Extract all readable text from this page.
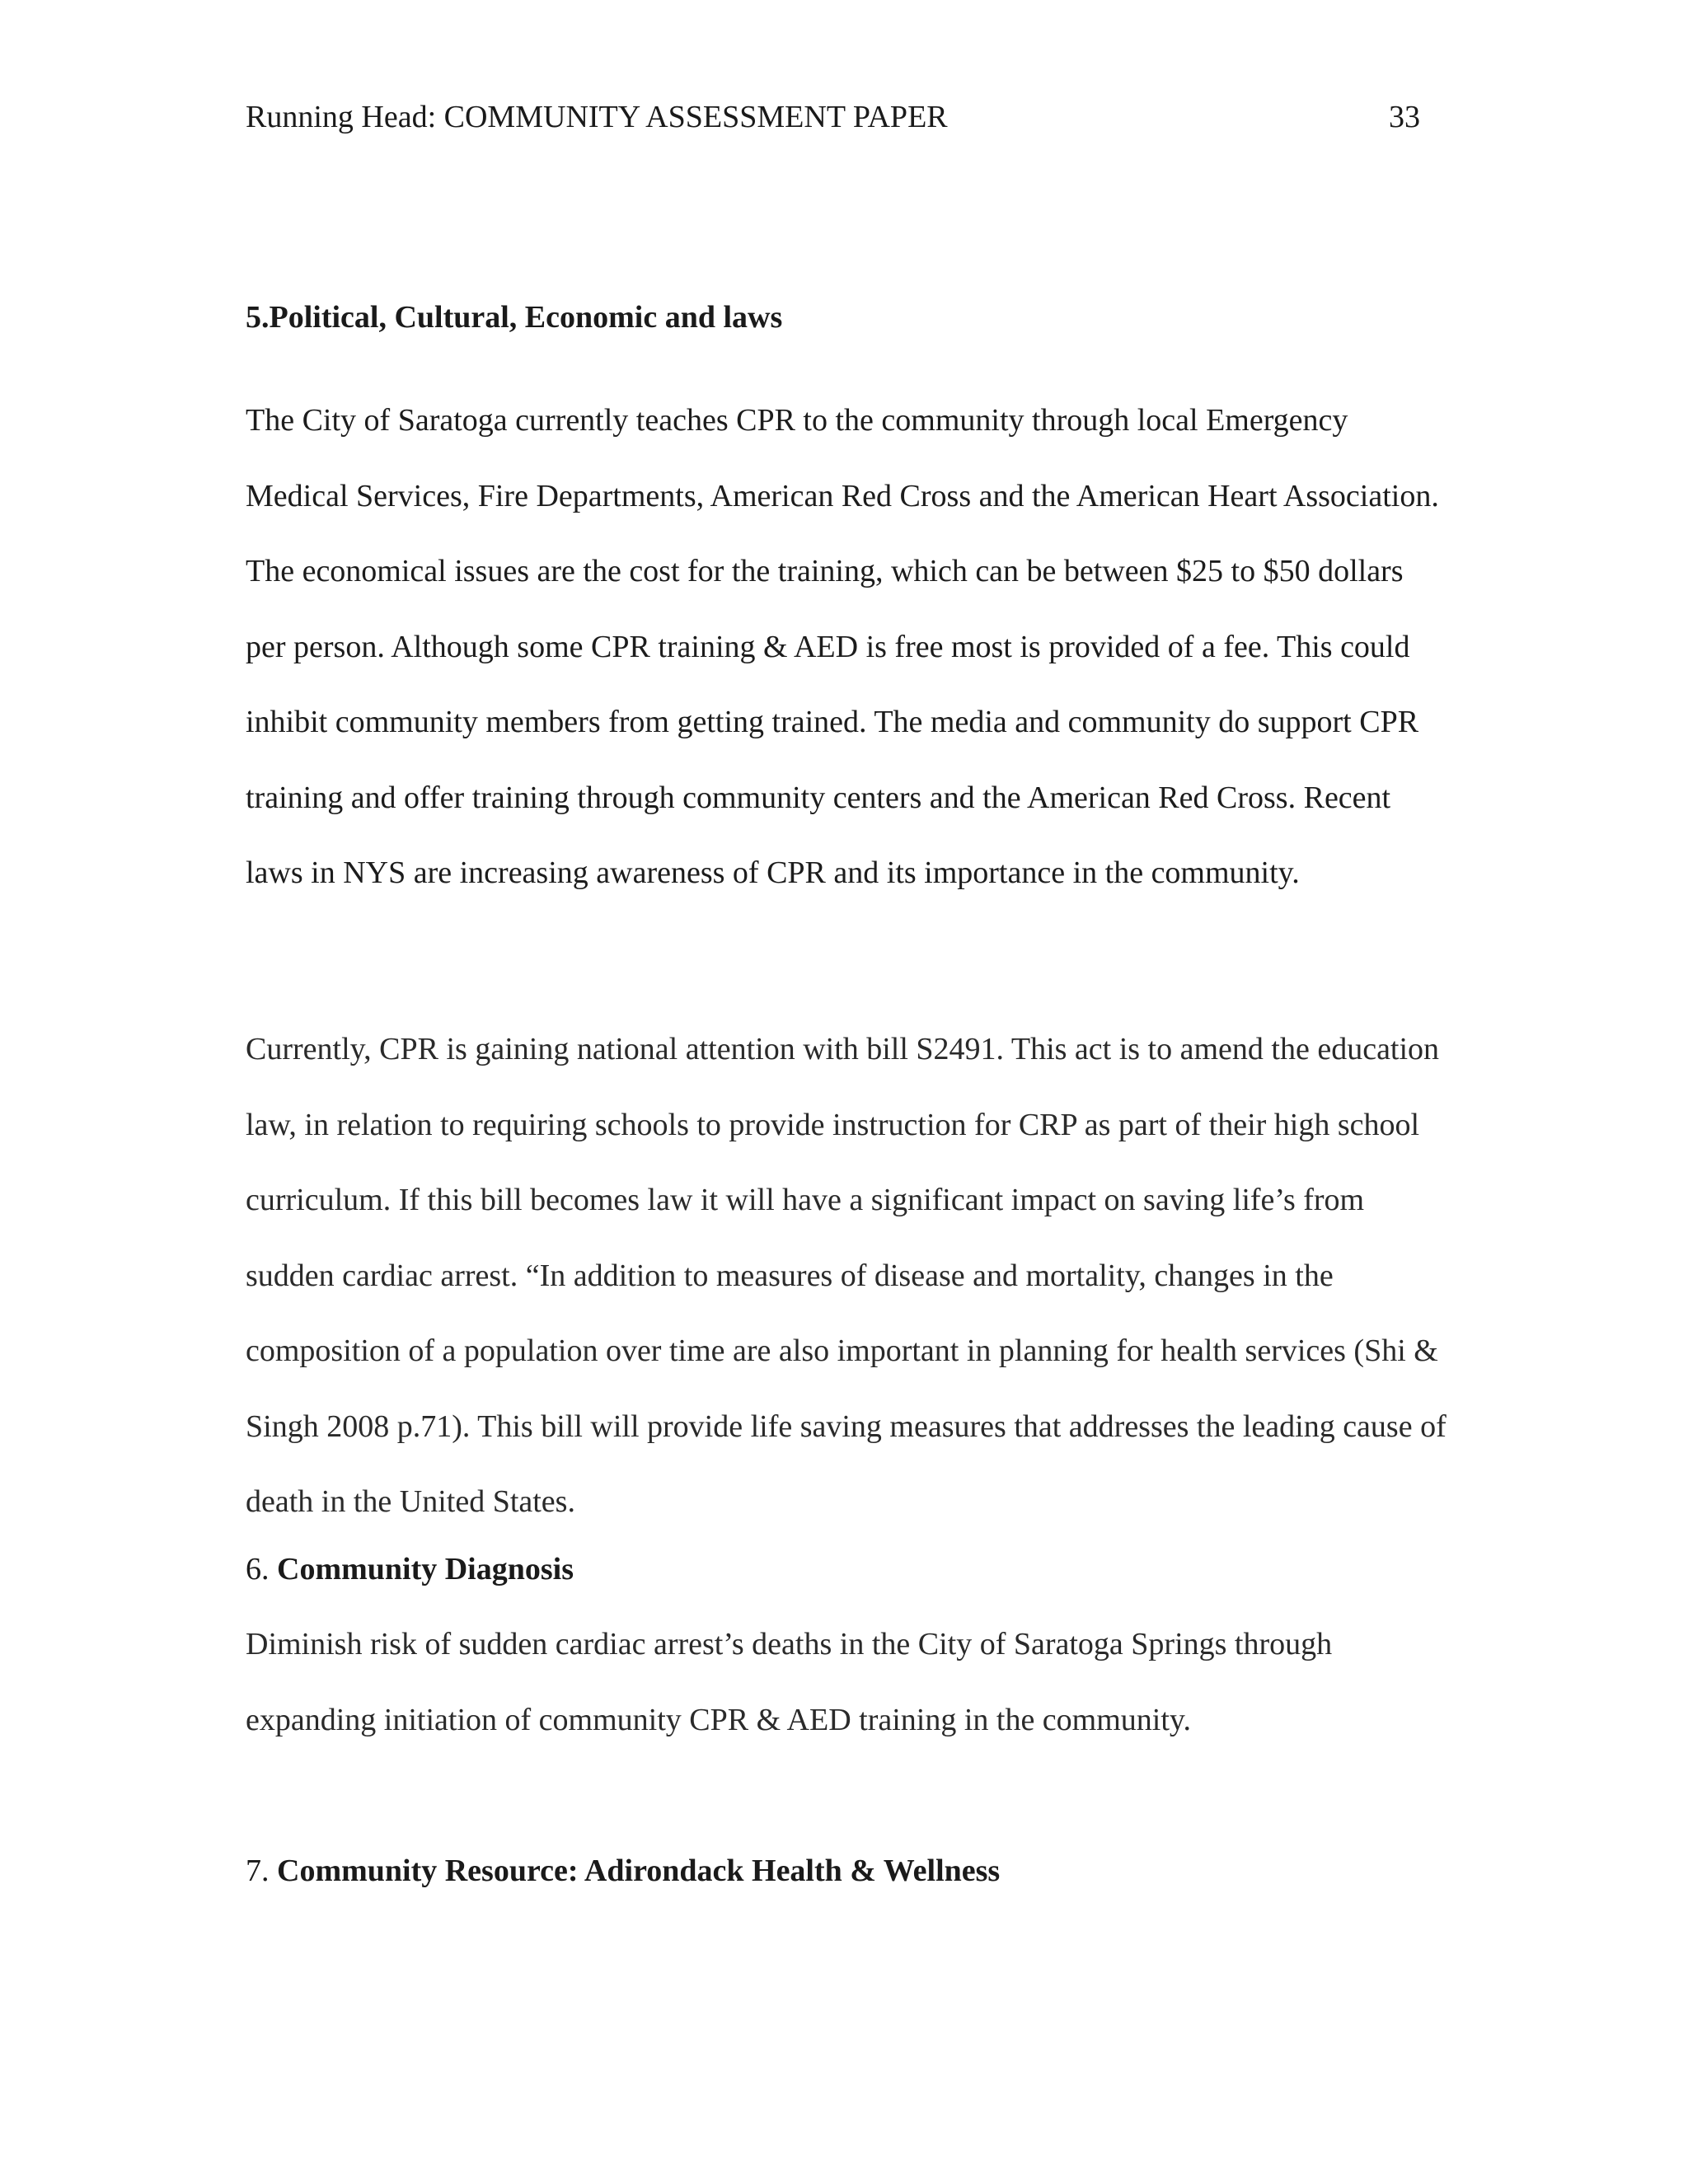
Running Head: COMMUNITY ASSESSMENT PAPER	33
5.Political, Cultural, Economic and laws

The City of Saratoga currently teaches CPR to the community through local Emergency Medical Services, Fire Departments, American Red Cross and the American Heart Association. The economical issues are the cost for the training, which can be between $25 to $50 dollars per person. Although some CPR training & AED is free most is provided of a fee. This could inhibit community members from getting trained. The media and community do support CPR training and offer training through community centers and the American Red Cross. Recent laws in NYS are increasing awareness of CPR and its importance in the community.

Currently, CPR is gaining national attention with bill S2491. This act is to amend the education law, in relation to requiring schools to provide instruction for CRP as part of their high school curriculum. If this bill becomes law it will have a significant impact on saving life’s from sudden cardiac arrest. “In addition to measures of disease and mortality, changes in the composition of a population over time are also important in planning for health services (Shi & Singh 2008 p.71). This bill will provide life saving measures that addresses the leading cause of death in the United States.

6. Community Diagnosis

Diminish risk of sudden cardiac arrest’s deaths in the City of Saratoga Springs through expanding initiation of community CPR & AED training in the community.

7. Community Resource: Adirondack Health & Wellness
